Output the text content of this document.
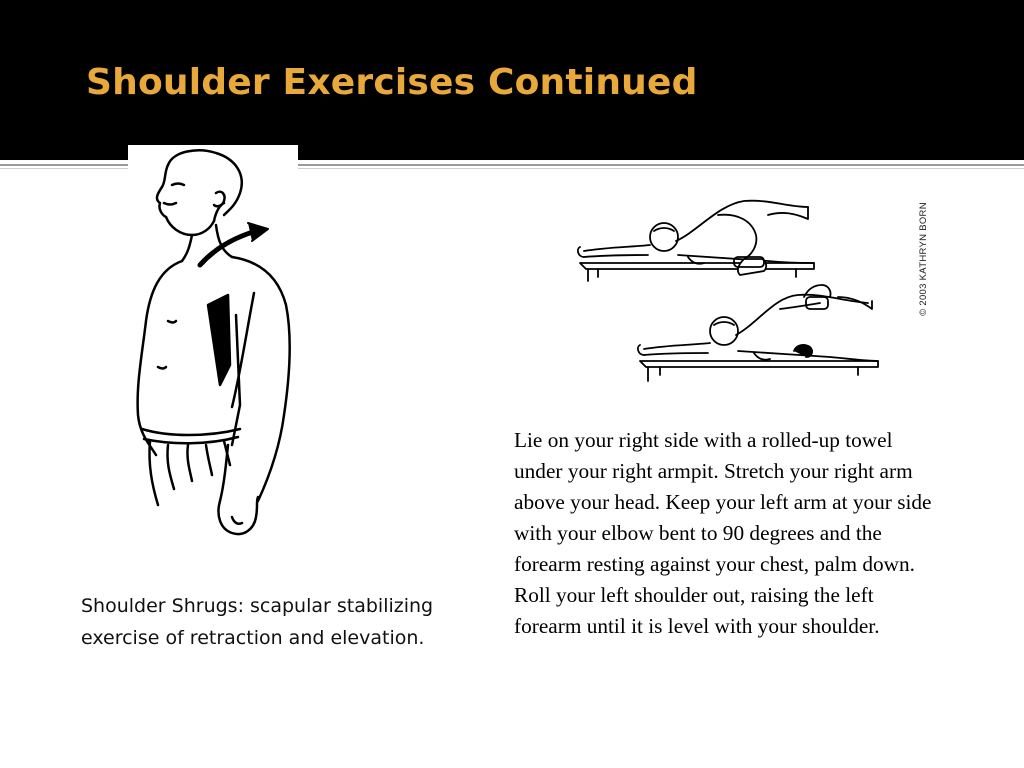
Shoulder Exercises Continued
© 2003 KATHRYN BORN

Shoulder Shrugs: scapular stabilizing exercise of retraction and elevation.

Lie on your right side with a rolled-up towel under your right armpit. Stretch your right arm above your head. Keep your left arm at your side with your elbow bent to 90 degrees and the forearm resting against your chest, palm down. Roll your left shoulder out, raising the left forearm until it is level with your shoulder.
